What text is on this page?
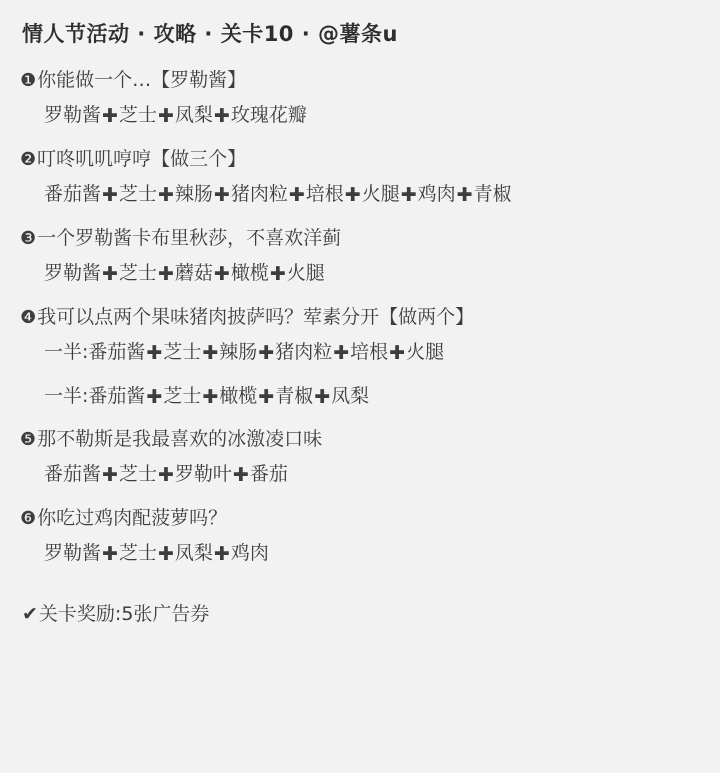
情人节活动 · 攻略 · 关卡10 · @薯条u
❶你能做一个…【罗勒酱】
罗勒酱✚芝士✚凤梨✚玫瑰花瓣
❷叮咚叽叽哼哼【做三个】
番茄酱✚芝士✚辣肠✚猪肉粒✚培根✚火腿✚鸡肉✚青椒
❸一个罗勒酱卡布里秋莎，不喜欢洋蓟
罗勒酱✚芝士✚蘑菇✚橄榄✚火腿
❹我可以点两个果味猪肉披萨吗？荤素分开【做两个】
一半:番茄酱✚芝士✚辣肠✚猪肉粒✚培根✚火腿
一半:番茄酱✚芝士✚橄榄✚青椒✚凤梨
❺那不勒斯是我最喜欢的冰激凌口味
番茄酱✚芝士✚罗勒叶✚番茄
❻你吃过鸡肉配菠萝吗？
罗勒酱✚芝士✚凤梨✚鸡肉
✔关卡奖励:5张广告券
